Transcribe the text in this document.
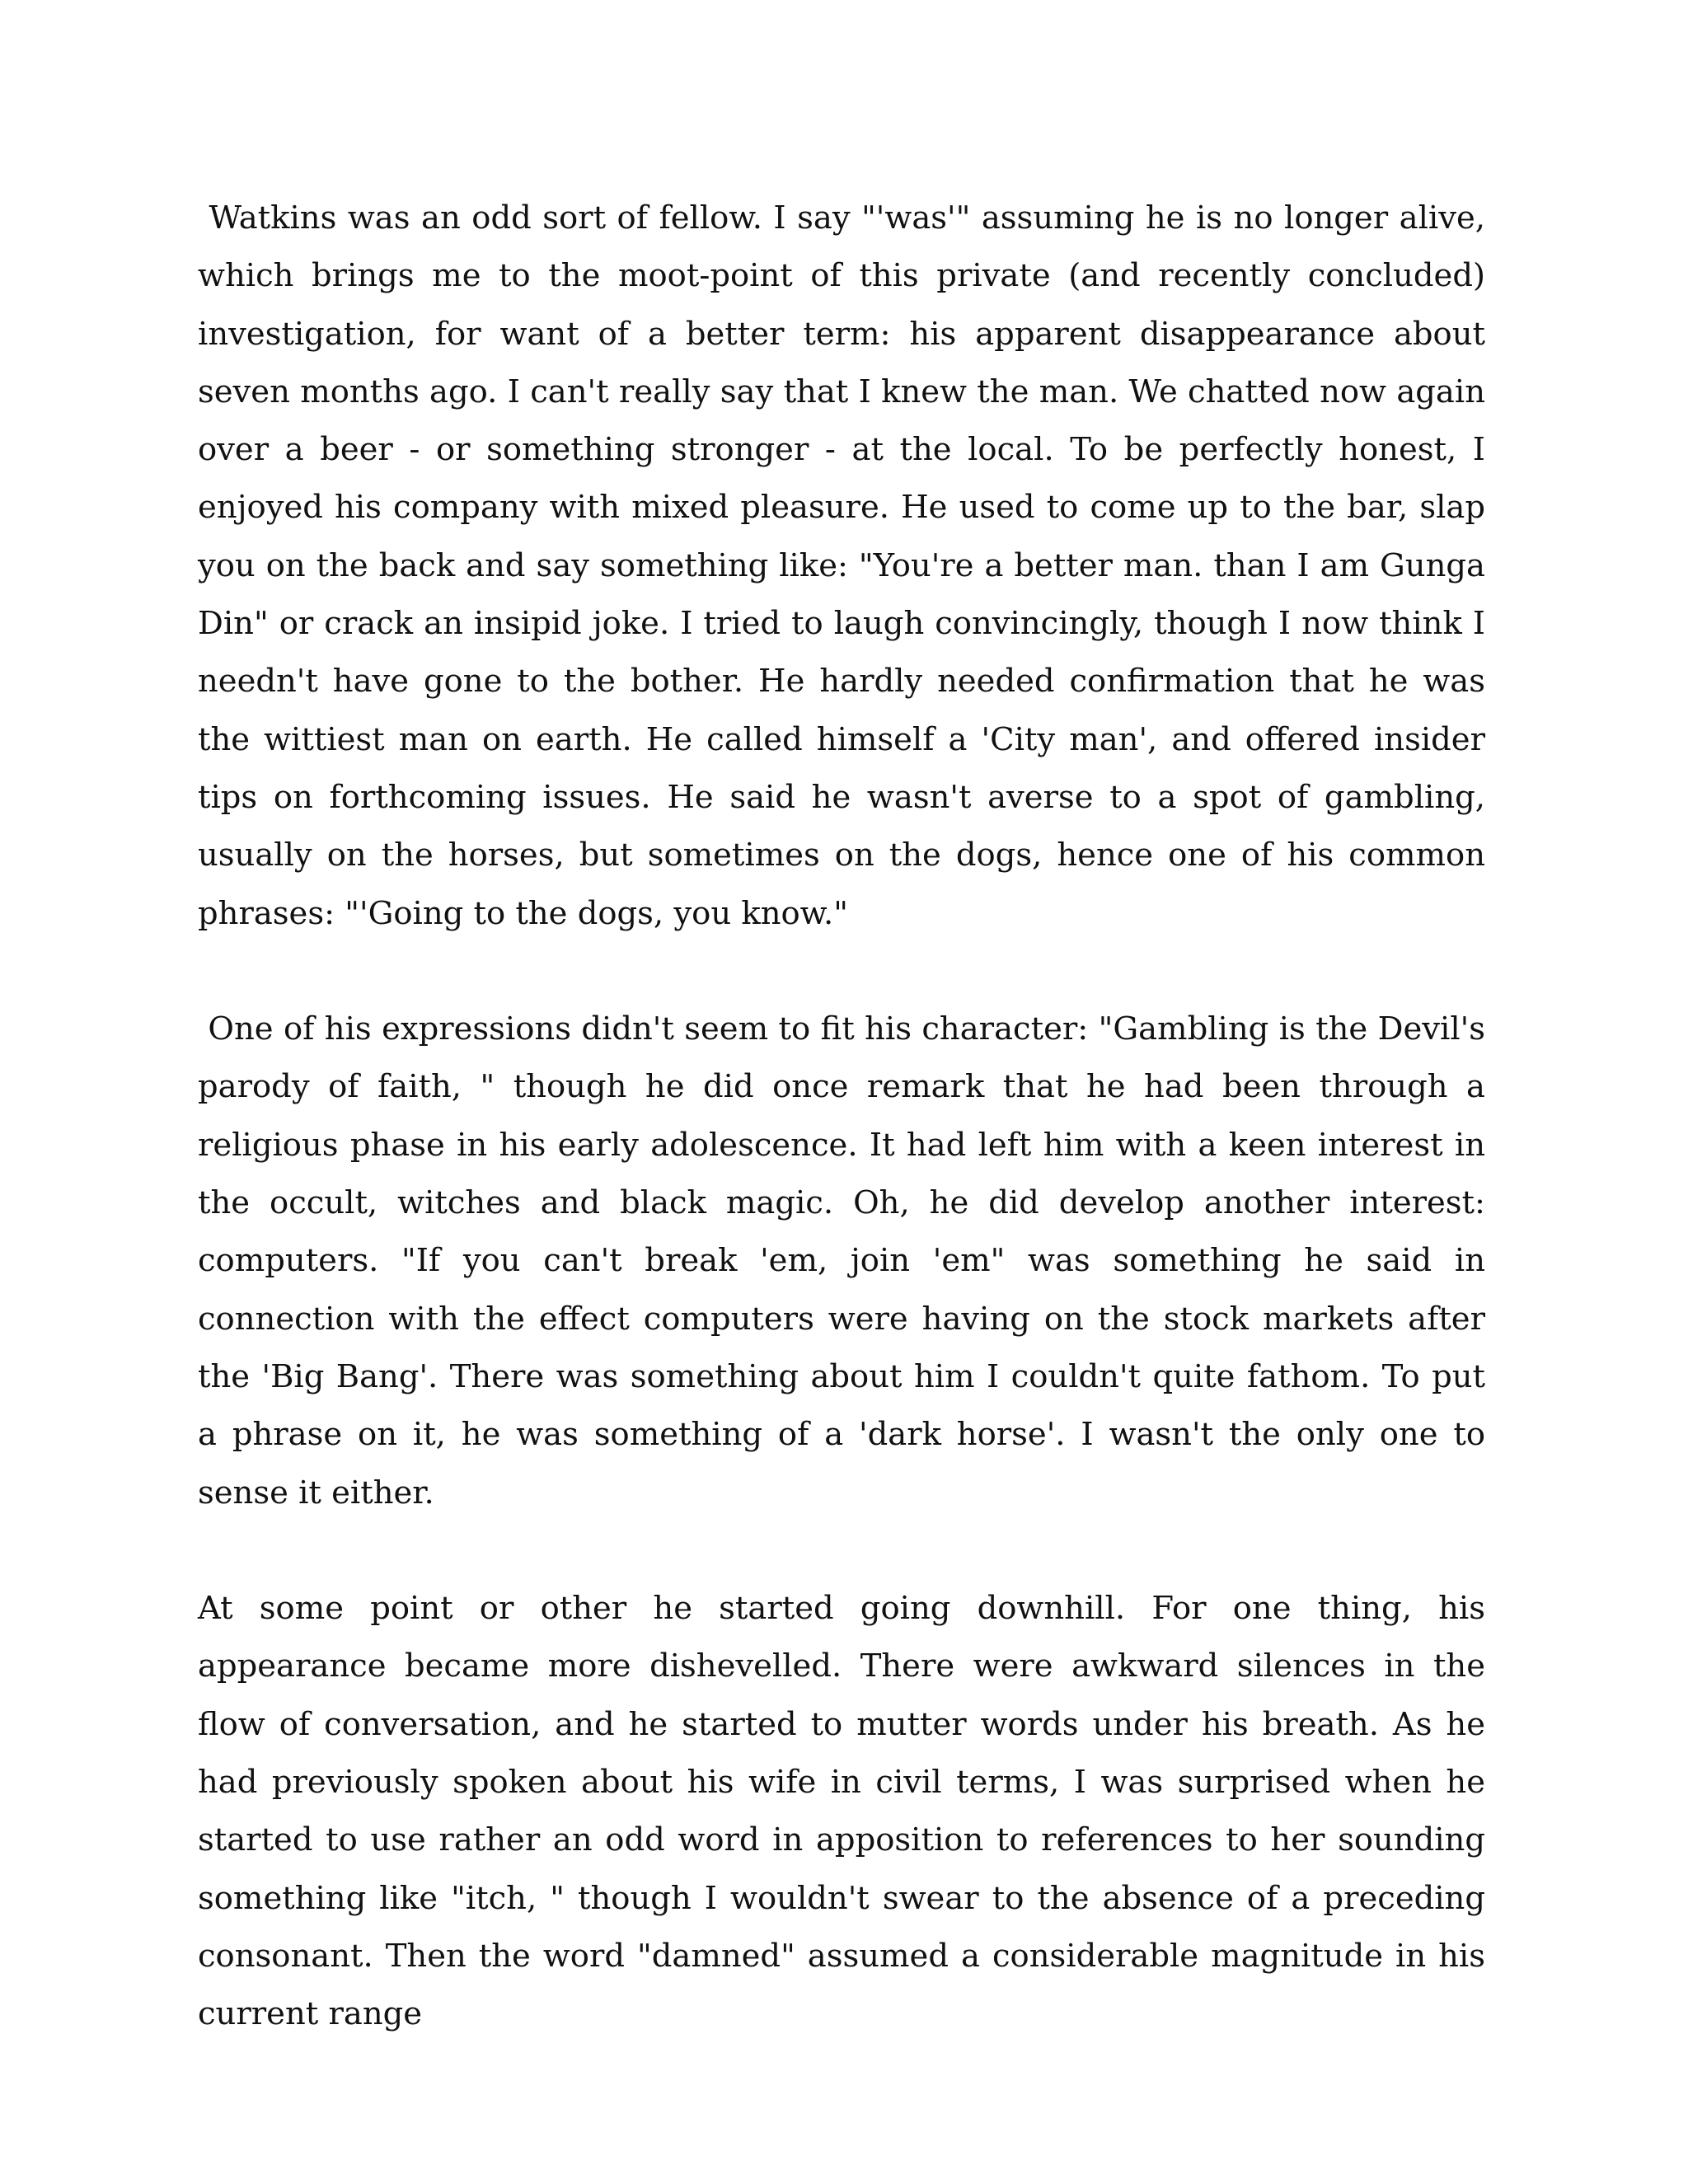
Watkins was an odd sort of fellow. I say "'was'" assuming he is no longer alive, which brings me to the moot-point of this private (and recently concluded) investigation, for want of a better term: his apparent disappearance about seven months ago. I can't really say that I knew the man. We chatted now again over a beer - or something stronger - at the local. To be perfectly honest, I enjoyed his company with mixed pleasure. He used to come up to the bar, slap you on the back and say something like: "You're a better man. than I am Gunga Din" or crack an insipid joke. I tried to laugh convincingly, though I now think I needn't have gone to the bother. He hardly needed confirmation that he was the wittiest man on earth. He called himself a 'City man', and offered insider tips on forthcoming issues. He said he wasn't averse to a spot of gambling, usually on the horses, but sometimes on the dogs, hence one of his common phrases: "'Going to the dogs, you know."

One of his expressions didn't seem to fit his character: "Gambling is the Devil's parody of faith, " though he did once remark that he had been through a religious phase in his early adolescence. It had left him with a keen interest in the occult, witches and black magic. Oh, he did develop another interest: computers. "If you can't break 'em, join 'em" was something he said in connection with the effect computers were having on the stock markets after the 'Big Bang'. There was something about him I couldn't quite fathom. To put a phrase on it, he was something of a 'dark horse'. I wasn't the only one to sense it either.

At some point or other he started going downhill. For one thing, his appearance became more dishevelled. There were awkward silences in the flow of conversation, and he started to mutter words under his breath. As he had previously spoken about his wife in civil terms, I was surprised when he started to use rather an odd word in apposition to references to her sounding something like "itch, " though I wouldn't swear to the absence of a preceding consonant. Then the word "damned" assumed a considerable magnitude in his current range
